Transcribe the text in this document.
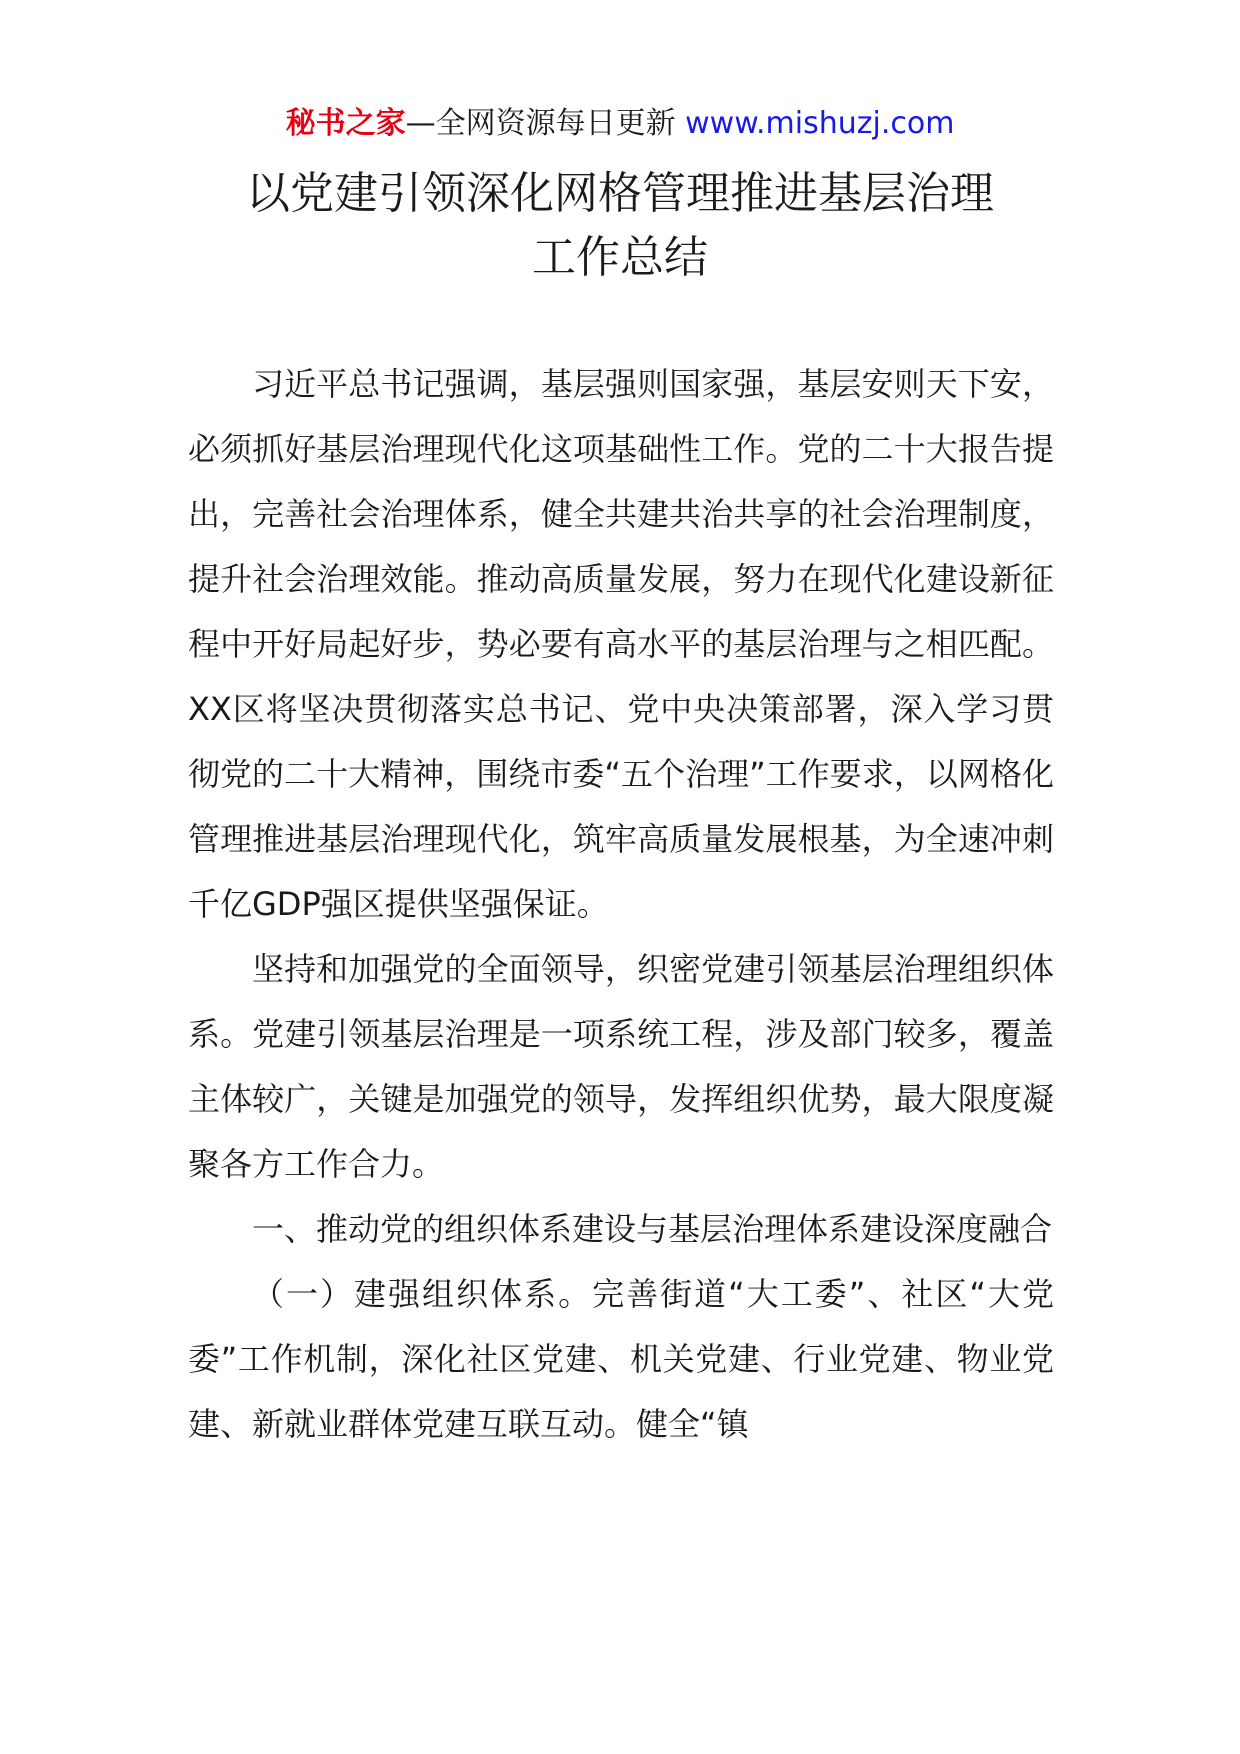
秘书之家—全网资源每日更新 www.mishuzj.com
以党建引领深化网格管理推进基层治理
工作总结

习近平总书记强调，基层强则国家强，基层安则天下安，必须抓好基层治理现代化这项基础性工作。党的二十大报告提出，完善社会治理体系，健全共建共治共享的社会治理制度，提升社会治理效能。推动高质量发展，努力在现代化建设新征程中开好局起好步，势必要有高水平的基层治理与之相匹配。XX区将坚决贯彻落实总书记、党中央决策部署，深入学习贯彻党的二十大精神，围绕市委“五个治理”工作要求，以网格化管理推进基层治理现代化，筑牢高质量发展根基，为全速冲刺千亿GDP强区提供坚强保证。

坚持和加强党的全面领导，织密党建引领基层治理组织体系。党建引领基层治理是一项系统工程，涉及部门较多，覆盖主体较广，关键是加强党的领导，发挥组织优势，最大限度凝聚各方工作合力。

一、推动党的组织体系建设与基层治理体系建设深度融合

（一）建强组织体系。完善街道“大工委”、社区“大党委”工作机制，深化社区党建、机关党建、行业党建、物业党建、新就业群体党建互联互动。健全“镇
